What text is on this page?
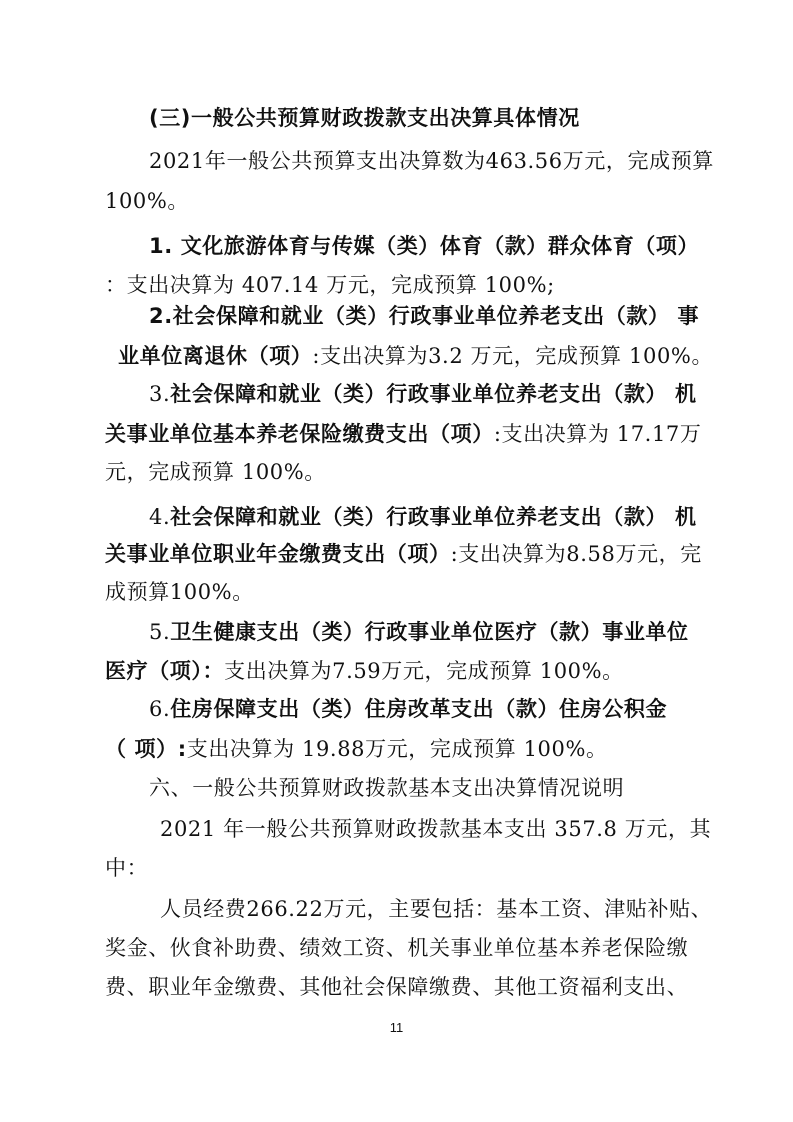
(三)一般公共预算财政拨款支出决算具体情况
2021年一般公共预算支出决算数为463.56万元，完成预算
100%。
1. 文化旅游体育与传媒（类）体育（款）群众体育（项）
：支出决算为 407.14 万元，完成预算 100%;
2.社会保障和就业（类）行政事业单位养老支出（款） 事
业单位离退休（项）:支出决算为3.2 万元，完成预算 100%。
3.社会保障和就业（类）行政事业单位养老支出（款） 机
关事业单位基本养老保险缴费支出（项）:支出决算为 17.17万
元，完成预算 100%。
4.社会保障和就业（类）行政事业单位养老支出（款） 机
关事业单位职业年金缴费支出（项）:支出决算为8.58万元，完
成预算100%。
5.卫生健康支出（类）行政事业单位医疗（款）事业单位
医疗（项）：支出决算为7.59万元，完成预算 100%。
6.住房保障支出（类）住房改革支出（款）住房公积金
（ 项）:支出决算为 19.88万元，完成预算 100%。
六、一般公共预算财政拨款基本支出决算情况说明
2021 年一般公共预算财政拨款基本支出 357.8 万元，其
中：
人员经费266.22万元，主要包括：基本工资、津贴补贴、
奖金、伙食补助费、绩效工资、机关事业单位基本养老保险缴
费、职业年金缴费、其他社会保障缴费、其他工资福利支出、
11
